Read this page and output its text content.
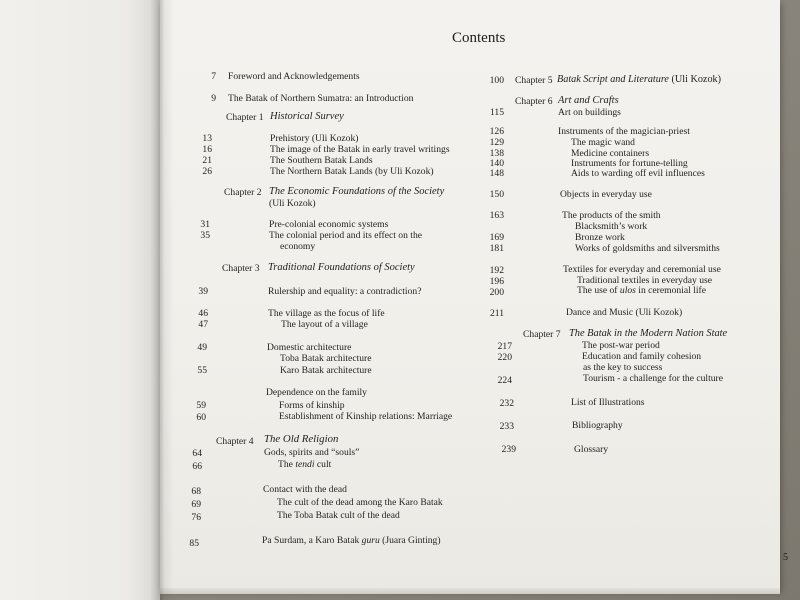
Contents
7 Foreword and Acknowledgements
9 The Batak of Northern Sumatra: an Introduction
Chapter 1 Historical Survey
13	Prehistory (Uli Kozok)
16	The image of the Batak in early travel writings
21	The Southern Batak Lands
26	The Northern Batak Lands (by Uli Kozok)
Chapter 2 The Economic Foundations of the Society
(Uli Kozok)
31	Pre-colonial economic systems
35	The colonial period and its effect on the
economy
Chapter 3 Traditional Foundations of Society
39	Rulership and equality: a contradiction?
46	The village as the focus of life
47	The layout of a village
49	Domestic architecture
Toba Batak architecture
55	Karo Batak architecture
Dependence on the family
59	Forms of kinship
60	Establishment of Kinship relations: Marriage
Chapter 4 The Old Religion
64	Gods, spirits and “souls”
66	The tendi cult
68	Contact with the dead
69	The cult of the dead among the Karo Batak
76	The Toba Batak cult of the dead
85	Pa Surdam, a Karo Batak guru (Juara Ginting)
100 Chapter 5 Batak Script and Literature (Uli Kozok)
Chapter 6 Art and Crafts
115	Art on buildings
126	Instruments of the magician-priest
129	The magic wand
138	Medicine containers
140	Instruments for fortune-telling
148	Aids to warding off evil influences
150	Objects in everyday use
163	The products of the smith
Blacksmith’s work
169	Bronze work
181	Works of goldsmiths and silversmiths
192	Textiles for everyday and ceremonial use
196	Traditional textiles in everyday use
200	The use of ulos in ceremonial life
211	Dance and Music (Uli Kozok)
Chapter 7 The Batak in the Modern Nation State
217	The post-war period
220	Education and family cohesion
as the key to success
224	Tourism - a challenge for the culture
232	List of Illustrations
233	Bibliography
239	Glossary
5
